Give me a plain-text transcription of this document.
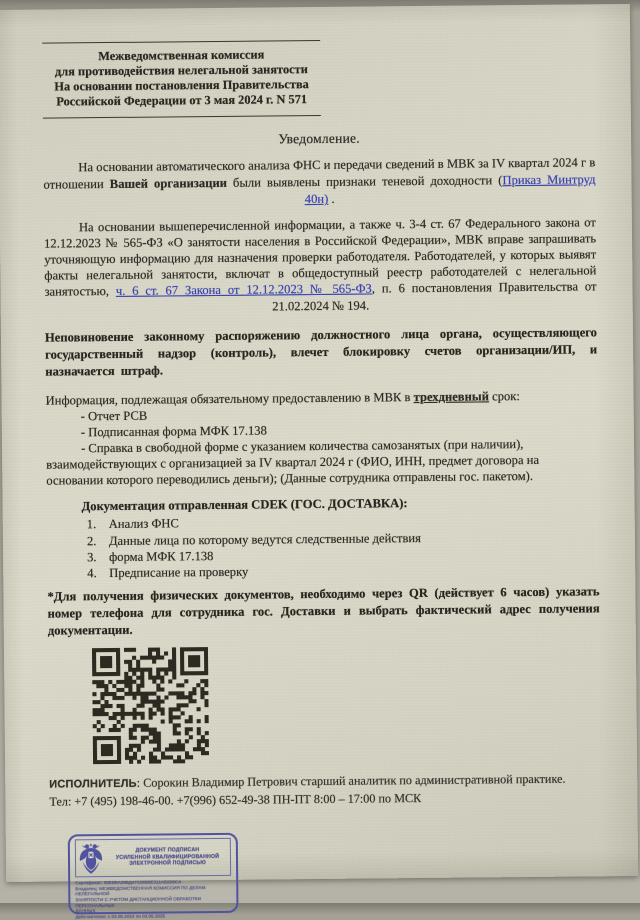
Межведомственная комиссия
для противодействия нелегальной занятости
На основании постановления Правительства
Российской Федерации от 3 мая 2024 г. N 571
Уведомление.
На основании автоматического анализа ФНС и передачи сведений в МВК за IV квартал 2024 г в отношении Вашей организации были выявлены признаки теневой доходности (Приказ Минтруд 40н) .
На основании вышеперечисленной информации, а также ч. 3-4 ст. 67 Федерального закона от 12.12.2023 № 565-ФЗ «О занятости населения в Российской Федерации», МВК вправе запрашивать уточняющую информацию для назначения проверки работодателя. Работодателей, у которых выявят факты нелегальной занятости, включат в общедоступный реестр работодателей с нелегальной занятостью, ч. 6 ст. 67 Закона от 12.12.2023 № 565-ФЗ, п. 6 постановления Правительства от 21.02.2024 № 194.
Неповиновение законному распоряжению должностного лица органа, осуществляющего государственный надзор (контроль), влечет блокировку счетов организации/ИП, и назначается штраф.
Информация, подлежащая обязательному предоставлению в МВК в трехдневный срок:
- Отчет РСВ
- Подписанная форма МФК 17.138
- Справка в свободной форме с указанием количества самозанятых (при наличии), взаимодействующих с организацией за IV квартал 2024 г (ФИО, ИНН, предмет договора на основании которого переводились деньги); (Данные сотрудника отправлены гос. пакетом).
Документация отправленная CDEK (ГОС. ДОСТАВКА):
1. Анализ ФНС
2. Данные лица по которому ведутся следственные действия
3. форма МФК 17.138
4. Предписание на проверку
*Для получения физических документов, необходимо через QR (действует 6 часов) указать номер телефона для сотрудника гос. Доставки и выбрать фактический адрес получения документации.
ИСПОЛНИТЕЛЬ: Сорокин Владимир Петрович старший аналитик по административной практике.
Тел: +7 (495) 198-46-00. +7(996) 652-49-38 ПН-ПТ 8:00 – 17:00 по МСК
ДОКУМЕНТ ПОДПИСАН
УСИЛЕННОЙ КВАЛИФИЦИРОВАННОЙ
ЭЛЕКТРОННОЙ ПОДПИСЬЮ
Сертификат: 00ЕВ5А29ВД47С0089Е311АВ2Б6С4
Владелец: МЕЖВЕДОМСТВЕННАЯ КОМИССИЯ ПО ДЕЛАМ НЕЛЕГАЛЬНОЙ
ЗАНЯТОСТИ С УЧЕТОМ ДИСТАНЦИОННОЙ ОБРАБОТКИ ПЕРСОНАЛЬНЫХ
ДАННЫХ
Действителен: с 03.05.2024 по 03.05.2025
